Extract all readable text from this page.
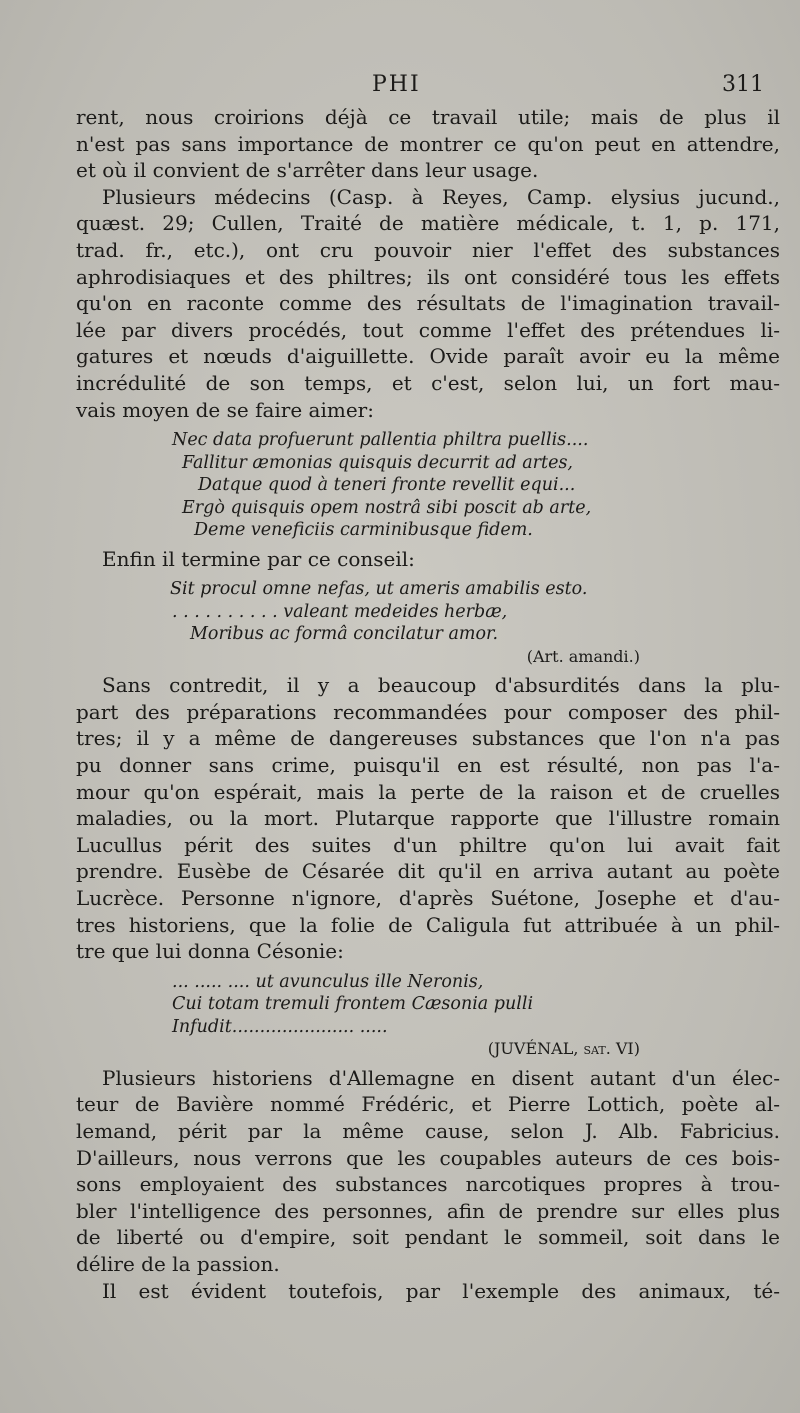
PHI	311

rent, nous croirions déjà ce travail utile; mais de plus il
n'est pas sans importance de montrer ce qu'on peut en attendre,
et où il convient de s'arrêter dans leur usage.

Plusieurs médecins (Casp. à Reyes, Camp. elysius jucund.,
quæst. 29; Cullen, Traité de matière médicale, t. 1, p. 171,
trad. fr., etc.), ont cru pouvoir nier l'effet des substances
aphrodisiaques et des philtres; ils ont considéré tous les effets
qu'on en raconte comme des résultats de l'imagination travail-
lée par divers procédés, tout comme l'effet des prétendues li-
gatures et nœuds d'aiguillette. Ovide paraît avoir eu la même
incrédulité de son temps, et c'est, selon lui, un fort mau-
vais moyen de se faire aimer:

Nec data profuerunt pallentia philtra puellis....
Fallitur æmonias quisquis decurrit ad artes,
Datque quod à teneri fronte revellit equi...
Ergò quisquis opem nostrâ sibi poscit ab arte,
Deme veneficiis carminibusque fidem.

Enfin il termine par ce conseil:

Sit procul omne nefas, ut ameris amabilis esto.
. . . . . . . . . . valeant medeides herbæ,
Moribus ac formâ concilatur amor.
(Art. amandi.)

Sans contredit, il y a beaucoup d'absurdités dans la plu-
part des préparations recommandées pour composer des phil-
tres; il y a même de dangereuses substances que l'on n'a pas
pu donner sans crime, puisqu'il en est résulté, non pas l'a-
mour qu'on espérait, mais la perte de la raison et de cruelles
maladies, ou la mort. Plutarque rapporte que l'illustre romain
Lucullus périt des suites d'un philtre qu'on lui avait fait
prendre. Eusèbe de Césarée dit qu'il en arriva autant au poète
Lucrèce. Personne n'ignore, d'après Suétone, Josephe et d'au-
tres historiens, que la folie de Caligula fut attribuée à un phil-
tre que lui donna Césonie:

... ..... .... ut avunculus ille Neronis,
Cui totam tremuli frontem Cæsonia pulli
Infudit...................... .....
(JUVÉNAL, sat. VI)

Plusieurs historiens d'Allemagne en disent autant d'un élec-
teur de Bavière nommé Frédéric, et Pierre Lottich, poète al-
lemand, périt par la même cause, selon J. Alb. Fabricius.
D'ailleurs, nous verrons que les coupables auteurs de ces bois-
sons employaient des substances narcotiques propres à trou-
bler l'intelligence des personnes, afin de prendre sur elles plus
de liberté ou d'empire, soit pendant le sommeil, soit dans le
délire de la passion.

Il est évident toutefois, par l'exemple des animaux, té-
